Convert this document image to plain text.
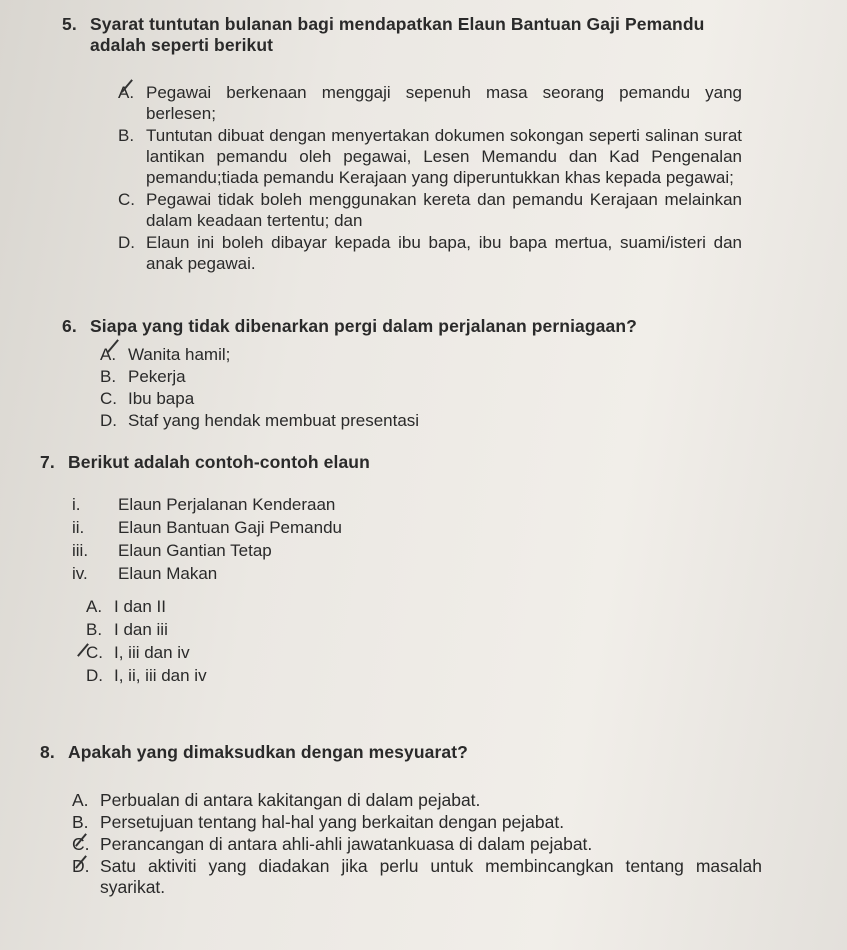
5. Syarat tuntutan bulanan bagi mendapatkan Elaun Bantuan Gaji Pemandu adalah seperti berikut
A. Pegawai berkenaan menggaji sepenuh masa seorang pemandu yang berlesen;
B. Tuntutan dibuat dengan menyertakan dokumen sokongan seperti salinan surat lantikan pemandu oleh pegawai, Lesen Memandu dan Kad Pengenalan pemandu;tiada pemandu Kerajaan yang diperuntukkan khas kepada pegawai;
C. Pegawai tidak boleh menggunakan kereta dan pemandu Kerajaan melainkan dalam keadaan tertentu; dan
D. Elaun ini boleh dibayar kepada ibu bapa, ibu bapa mertua, suami/isteri dan anak pegawai.
6. Siapa yang tidak dibenarkan pergi dalam perjalanan perniagaan?
A. Wanita hamil;
B. Pekerja
C. Ibu bapa
D. Staf yang hendak membuat presentasi
7. Berikut adalah contoh-contoh elaun
i.	Elaun Perjalanan Kenderaan
ii.	Elaun Bantuan Gaji Pemandu
iii.	Elaun Gantian Tetap
iv.	Elaun Makan
A. I dan II
B. I dan iii
C. I, iii dan iv
D. I, ii, iii dan iv
8. Apakah yang dimaksudkan dengan mesyuarat?
A. Perbualan di antara kakitangan di dalam pejabat.
B. Persetujuan tentang hal-hal yang berkaitan dengan pejabat.
C. Perancangan di antara ahli-ahli jawatankuasa di dalam pejabat.
D. Satu aktiviti yang diadakan jika perlu untuk membincangkan tentang masalah syarikat.
